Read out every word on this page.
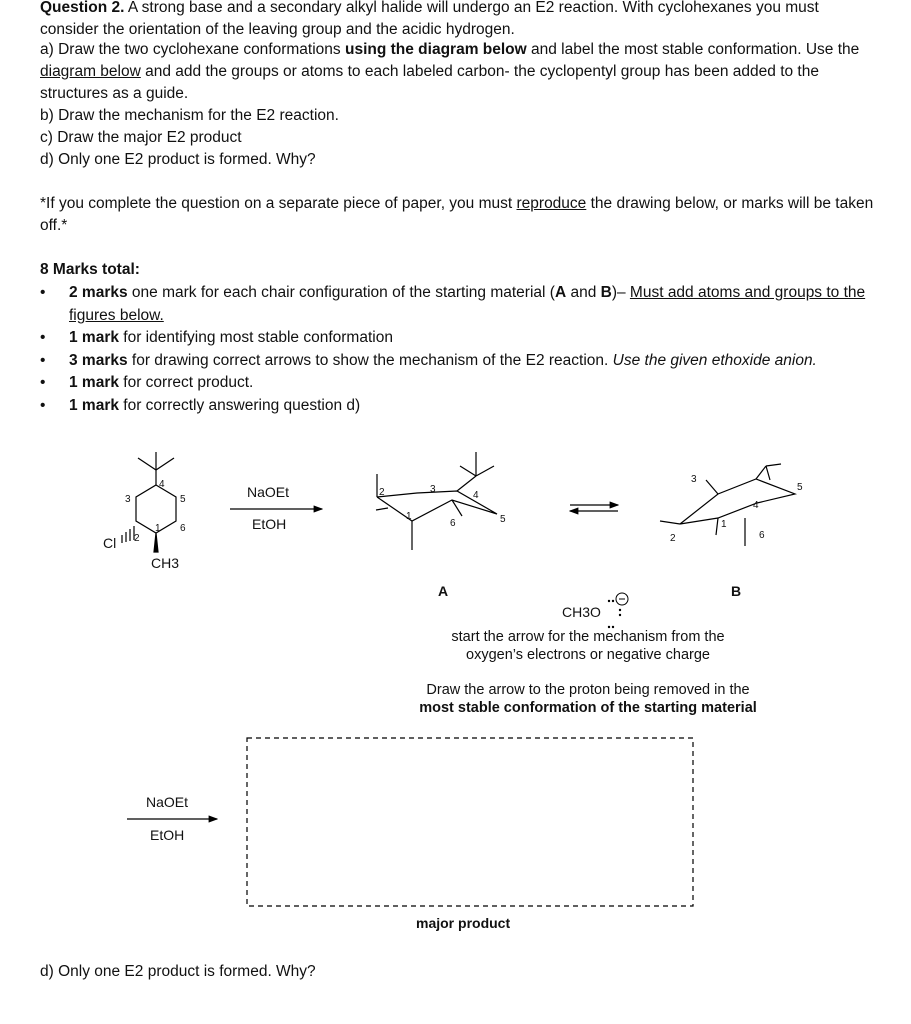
Question 2. A strong base and a secondary alkyl halide will undergo an E2 reaction. With cyclohexanes you must consider the orientation of the leaving group and the acidic hydrogen.
a) Draw the two cyclohexane conformations using the diagram below and label the most stable conformation. Use the diagram below and add the groups or atoms to each labeled carbon- the cyclopentyl group has been added to the structures as a guide.
b) Draw the mechanism for the E2 reaction.
c) Draw the major E2 product
d) Only one E2 product is formed. Why?
*If you complete the question on a separate piece of paper, you must reproduce the drawing below, or marks will be taken off.*
8 Marks total:
• 2 marks one mark for each chair configuration of the starting material (A and B)– Must add atoms and groups to the figures below.
• 1 mark for identifying most stable conformation
• 3 marks for drawing correct arrows to show the mechanism of the E2 reaction. Use the given ethoxide anion.
• 1 mark for correct product.
• 1 mark for correctly answering question d)
4
5
3
6
1
2
Cl
CH3
NaOEt
EtOH	1
2	3
4
5
6	1
2
3
4
5
6
A	B
CH3O
start the arrow for the mechanism from the
oxygen’s electrons or negative charge
Draw the arrow to the proton being removed in the
most stable conformation of the starting material
NaOEt
EtOH
major product
d) Only one E2 product is formed. Why?
